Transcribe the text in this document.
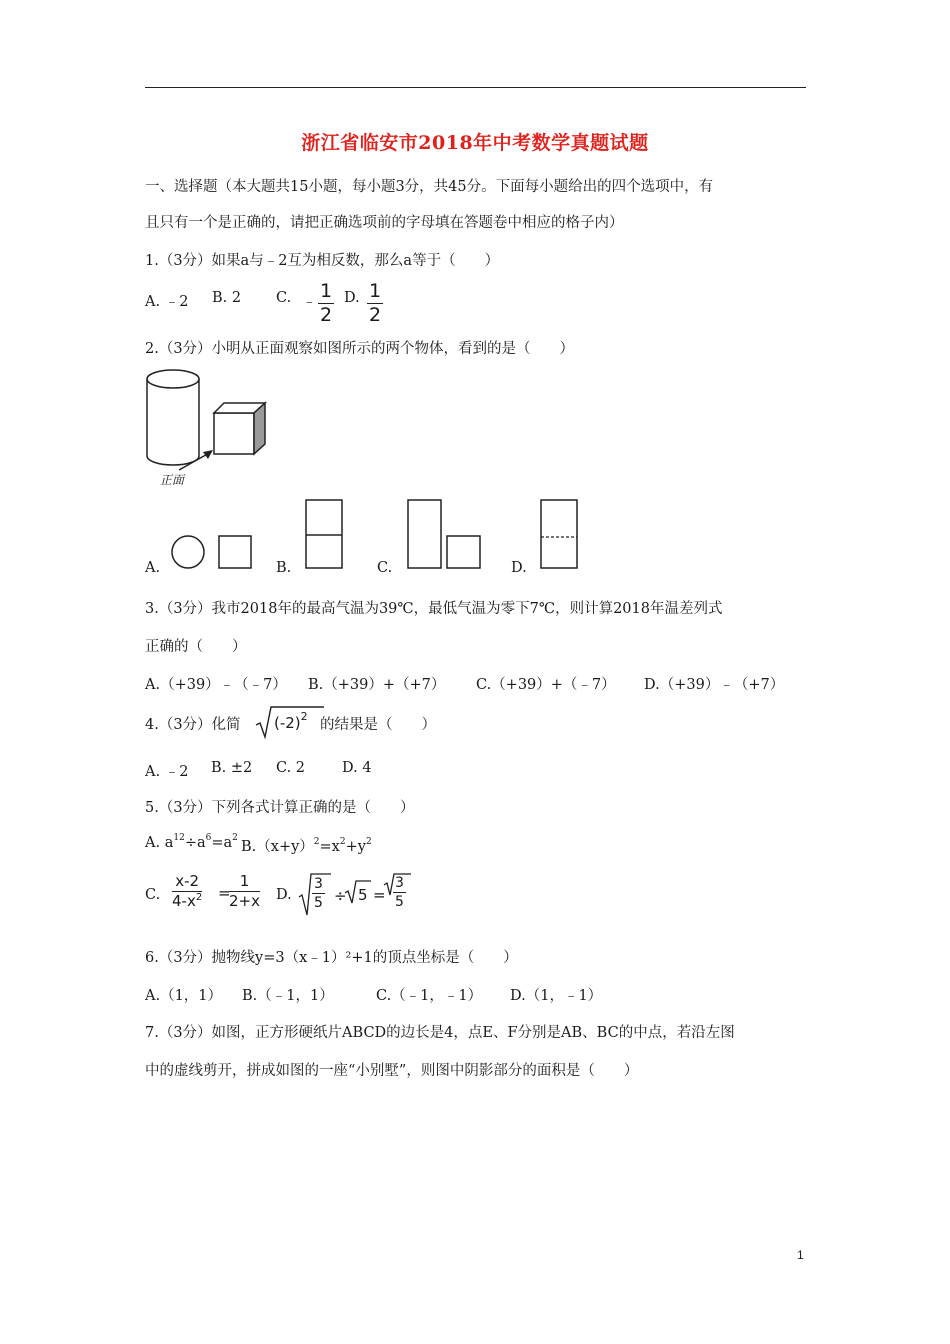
浙江省临安市2018年中考数学真题试题
一、选择题（本大题共15小题，每小题3分，共45分。下面每小题给出的四个选项中，有
且只有一个是正确的，请把正确选项前的字母填在答题卷中相应的格子内）
1.（3分）如果a与﹣2互为相反数，那么a等于（　　）
A. ﹣2 B. 2 C. ﹣ 1
2
D. 1
2
2.（3分）小明从正面观察如图所示的两个物体，看到的是（　　）
正面
A.	B.	C.	D.
3.（3分）我市2018年的最高气温为39℃，最低气温为零下7℃，则计算2018年温差列式
正确的（　　）
A.（+39）﹣（﹣7） B.（+39）+（+7） C.（+39）+（﹣7） D.（+39）﹣（+7）
4.（3分）化简 $(-2)^2$
的结果是（　　）
A. ﹣2 B. ±2 C. 2	D. 4
5.（3分）下列各式计算正确的是（　　）
A. $a^{12}\div a^6=a^2$
$B.(x+y)^2=x^2+y^2$
C.
x-2
$4-x^2$ =
1
2+x D.
3
5 ÷ 5 =
3
5
6.（3分）抛物线y=3（x﹣1）²+1的顶点坐标是（　　）
A.（1，1） B.（﹣1，1）	C.（﹣1，﹣1） D.（1，﹣1）
7.（3分）如图，正方形硬纸片ABCD的边长是4，点E、F分别是AB、BC的中点，若沿左图
中的虚线剪开，拼成如图的一座“小别墅”，则图中阴影部分的面积是（　　）
1
